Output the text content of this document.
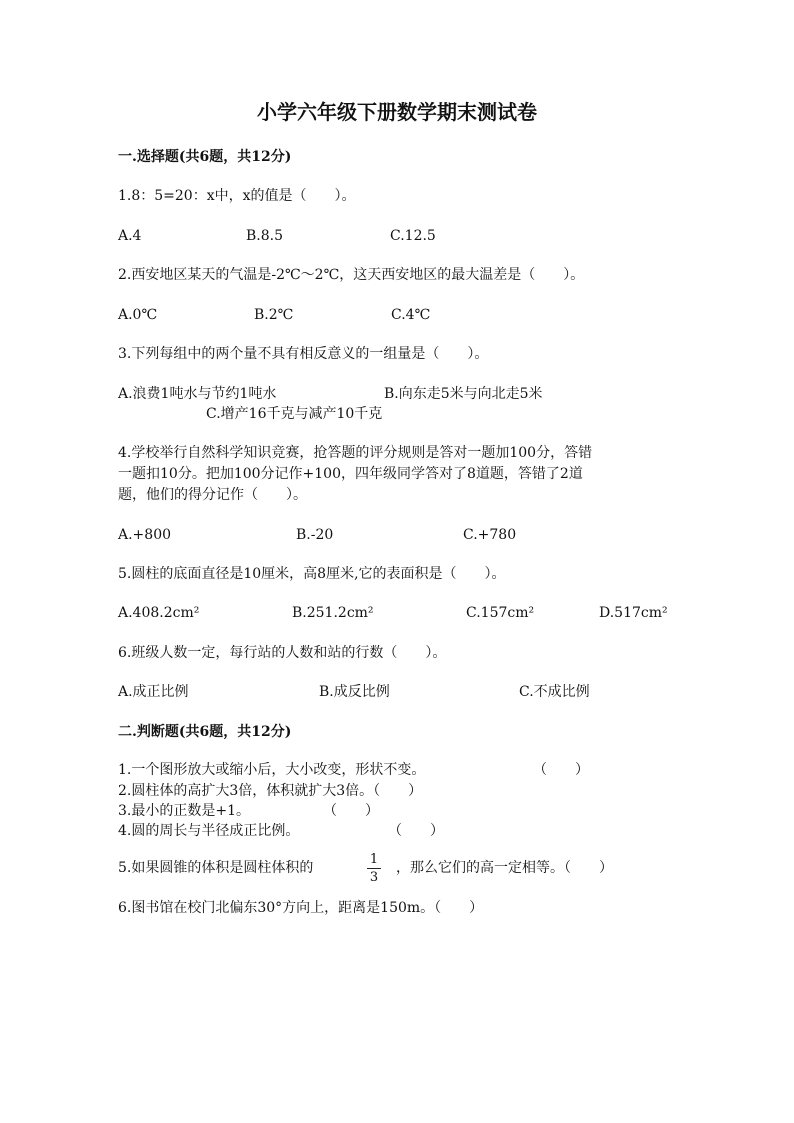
小学六年级下册数学期末测试卷
一.选择题(共6题，共12分)
1.8：5=20：x中，x的值是（　　）。
A.4	B.8.5	C.12.5
2.西安地区某天的气温是-2℃～2℃，这天西安地区的最大温差是（　　）。
A.0℃	B.2℃	C.4℃
3.下列每组中的两个量不具有相反意义的一组量是（　　）。
A.浪费1吨水与节约1吨水	B.向东走5米与向北走5米
C.增产16千克与减产10千克
4.学校举行自然科学知识竞赛，抢答题的评分规则是答对一题加100分，答错
一题扣10分。把加100分记作+100，四年级同学答对了8道题，答错了2道
题，他们的得分记作（　　）。
A.+800	B.-20	C.+780
5.圆柱的底面直径是10厘米，高8厘米,它的表面积是（　　）。
A.408.2cm²	B.251.2cm²	C.157cm²	D.517cm²
6.班级人数一定，每行站的人数和站的行数（　　）。
A.成正比例	B.成反比例	C.不成比例
二.判断题(共6题，共12分)
1.一个图形放大或缩小后，大小改变，形状不变。	（　　）
2.圆柱体的高扩大3倍，体积就扩大3倍。（　　）
3.最小的正数是+1。	（　　）
4.圆的周长与半径成正比例。	（　　）
5.如果圆锥的体积是圆柱体积的
1
3
，那么它们的高一定相等。（　　）
6.图书馆在校门北偏东30°方向上，距离是150m。（　　）
